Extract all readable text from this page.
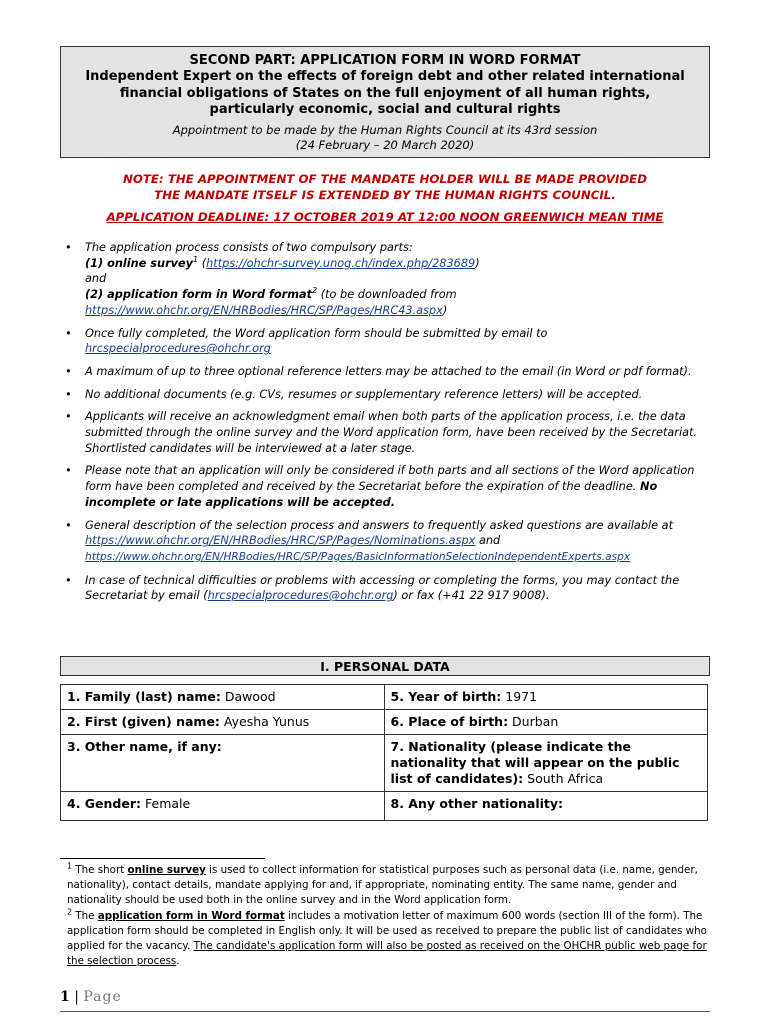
SECOND PART: APPLICATION FORM IN WORD FORMAT
Independent Expert on the effects of foreign debt and other related international financial obligations of States on the full enjoyment of all human rights, particularly economic, social and cultural rights
Appointment to be made by the Human Rights Council at its 43rd session
(24 February – 20 March 2020)
NOTE: THE APPOINTMENT OF THE MANDATE HOLDER WILL BE MADE PROVIDED
THE MANDATE ITSELF IS EXTENDED BY THE HUMAN RIGHTS COUNCIL.
APPLICATION DEADLINE: 17 OCTOBER 2019 AT 12:00 NOON GREENWICH MEAN TIME
• The application process consists of two compulsory parts:
(1) online survey$^1$ (https://ohchr-survey.unog.ch/index.php/283689)
and
(2) application form in Word format$^2$ (to be downloaded from
https://www.ohchr.org/EN/HRBodies/HRC/SP/Pages/HRC43.aspx)
• Once fully completed, the Word application form should be submitted by email to
hrcspecialprocedures@ohchr.org
• A maximum of up to three optional reference letters may be attached to the email (in Word or pdf format).
• No additional documents (e.g. CVs, resumes or supplementary reference letters) will be accepted.
• Applicants will receive an acknowledgment email when both parts of the application process, i.e. the data submitted through the online survey and the Word application form, have been received by the Secretariat. Shortlisted candidates will be interviewed at a later stage.
• Please note that an application will only be considered if both parts and all sections of the Word application form have been completed and received by the Secretariat before the expiration of the deadline. No incomplete or late applications will be accepted.
• General description of the selection process and answers to frequently asked questions are available at https://www.ohchr.org/EN/HRBodies/HRC/SP/Pages/Nominations.aspx and
https://www.ohchr.org/EN/HRBodies/HRC/SP/Pages/BasicInformationSelectionIndependentExperts.aspx
• In case of technical difficulties or problems with accessing or completing the forms, you may contact the Secretariat by email (hrcspecialprocedures@ohchr.org) or fax (+41 22 917 9008).
I. PERSONAL DATA
1. Family (last) name: Dawood	5. Year of birth: 1971
2. First (given) name: Ayesha Yunus	6. Place of birth: Durban
3. Other name, if any:	7. Nationality (please indicate the nationality that will appear on the public list of candidates): South Africa
4. Gender: Female	8. Any other nationality:

$^1$ The short online survey is used to collect information for statistical purposes such as personal data (i.e. name, gender, nationality), contact details, mandate applying for and, if appropriate, nominating entity. The same name, gender and nationality should be used both in the online survey and in the Word application form.

$^2$ The application form in Word format includes a motivation letter of maximum 600 words (section III of the form). The application form should be completed in English only. It will be used as received to prepare the public list of candidates who applied for the vacancy. The candidate's application form will also be posted as received on the OHCHR public web page for the selection process.

1 | Page
